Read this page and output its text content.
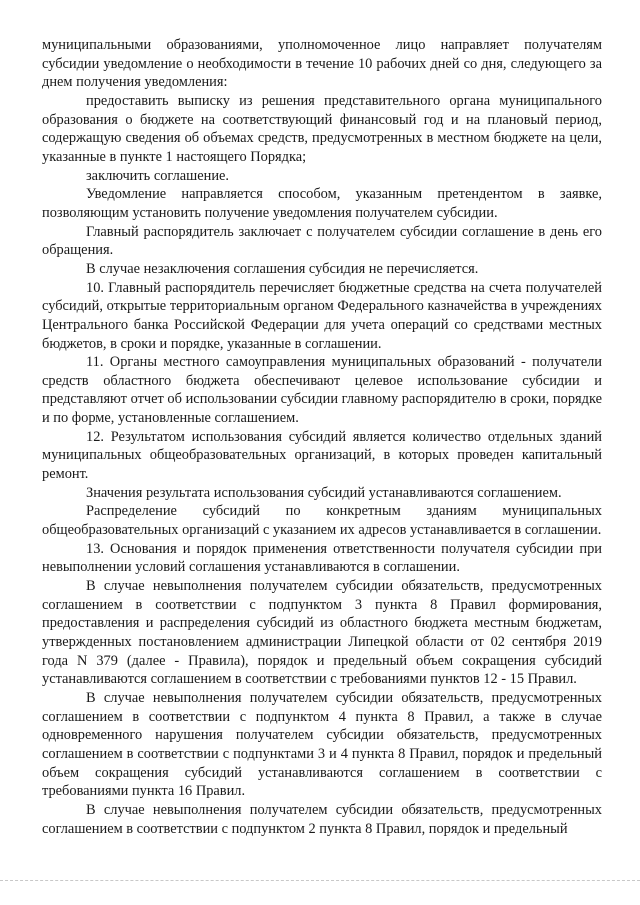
муниципальными образованиями, уполномоченное лицо направляет получателям субсидии уведомление о необходимости в течение 10 рабочих дней со дня, следующего за днем получения уведомления:

предоставить выписку из решения представительного органа муниципального образования о бюджете на соответствующий финансовый год и на плановый период, содержащую сведения об объемах средств, предусмотренных в местном бюджете на цели, указанные в пункте 1 настоящего Порядка;

заключить соглашение.

Уведомление направляется способом, указанным претендентом в заявке, позволяющим установить получение уведомления получателем субсидии.

Главный распорядитель заключает с получателем субсидии соглашение в день его обращения.

В случае незаключения соглашения субсидия не перечисляется.

10. Главный распорядитель перечисляет бюджетные средства на счета получателей субсидий, открытые территориальным органом Федерального казначейства в учреждениях Центрального банка Российской Федерации для учета операций со средствами местных бюджетов, в сроки и порядке, указанные в соглашении.

11. Органы местного самоуправления муниципальных образований - получатели средств областного бюджета обеспечивают целевое использование субсидии и представляют отчет об использовании субсидии главному распорядителю в сроки, порядке и по форме, установленные соглашением.

12. Результатом использования субсидий является количество отдельных зданий муниципальных общеобразовательных организаций, в которых проведен капитальный ремонт.

Значения результата использования субсидий устанавливаются соглашением.

Распределение субсидий по конкретным зданиям муниципальных общеобразовательных организаций с указанием их адресов устанавливается в соглашении.

13. Основания и порядок применения ответственности получателя субсидии при невыполнении условий соглашения устанавливаются в соглашении.

В случае невыполнения получателем субсидии обязательств, предусмотренных соглашением в соответствии с подпунктом 3 пункта 8 Правил формирования, предоставления и распределения субсидий из областного бюджета местным бюджетам, утвержденных постановлением администрации Липецкой области от 02 сентября 2019 года N 379 (далее - Правила), порядок и предельный объем сокращения субсидий устанавливаются соглашением в соответствии с требованиями пунктов 12 - 15 Правил.

В случае невыполнения получателем субсидии обязательств, предусмотренных соглашением в соответствии с подпунктом 4 пункта 8 Правил, а также в случае одновременного нарушения получателем субсидии обязательств, предусмотренных соглашением в соответствии с подпунктами 3 и 4 пункта 8 Правил, порядок и предельный объем сокращения субсидий устанавливаются соглашением в соответствии с требованиями пункта 16 Правил.

В случае невыполнения получателем субсидии обязательств, предусмотренных соглашением в соответствии с подпунктом 2 пункта 8 Правил, порядок и предельный
